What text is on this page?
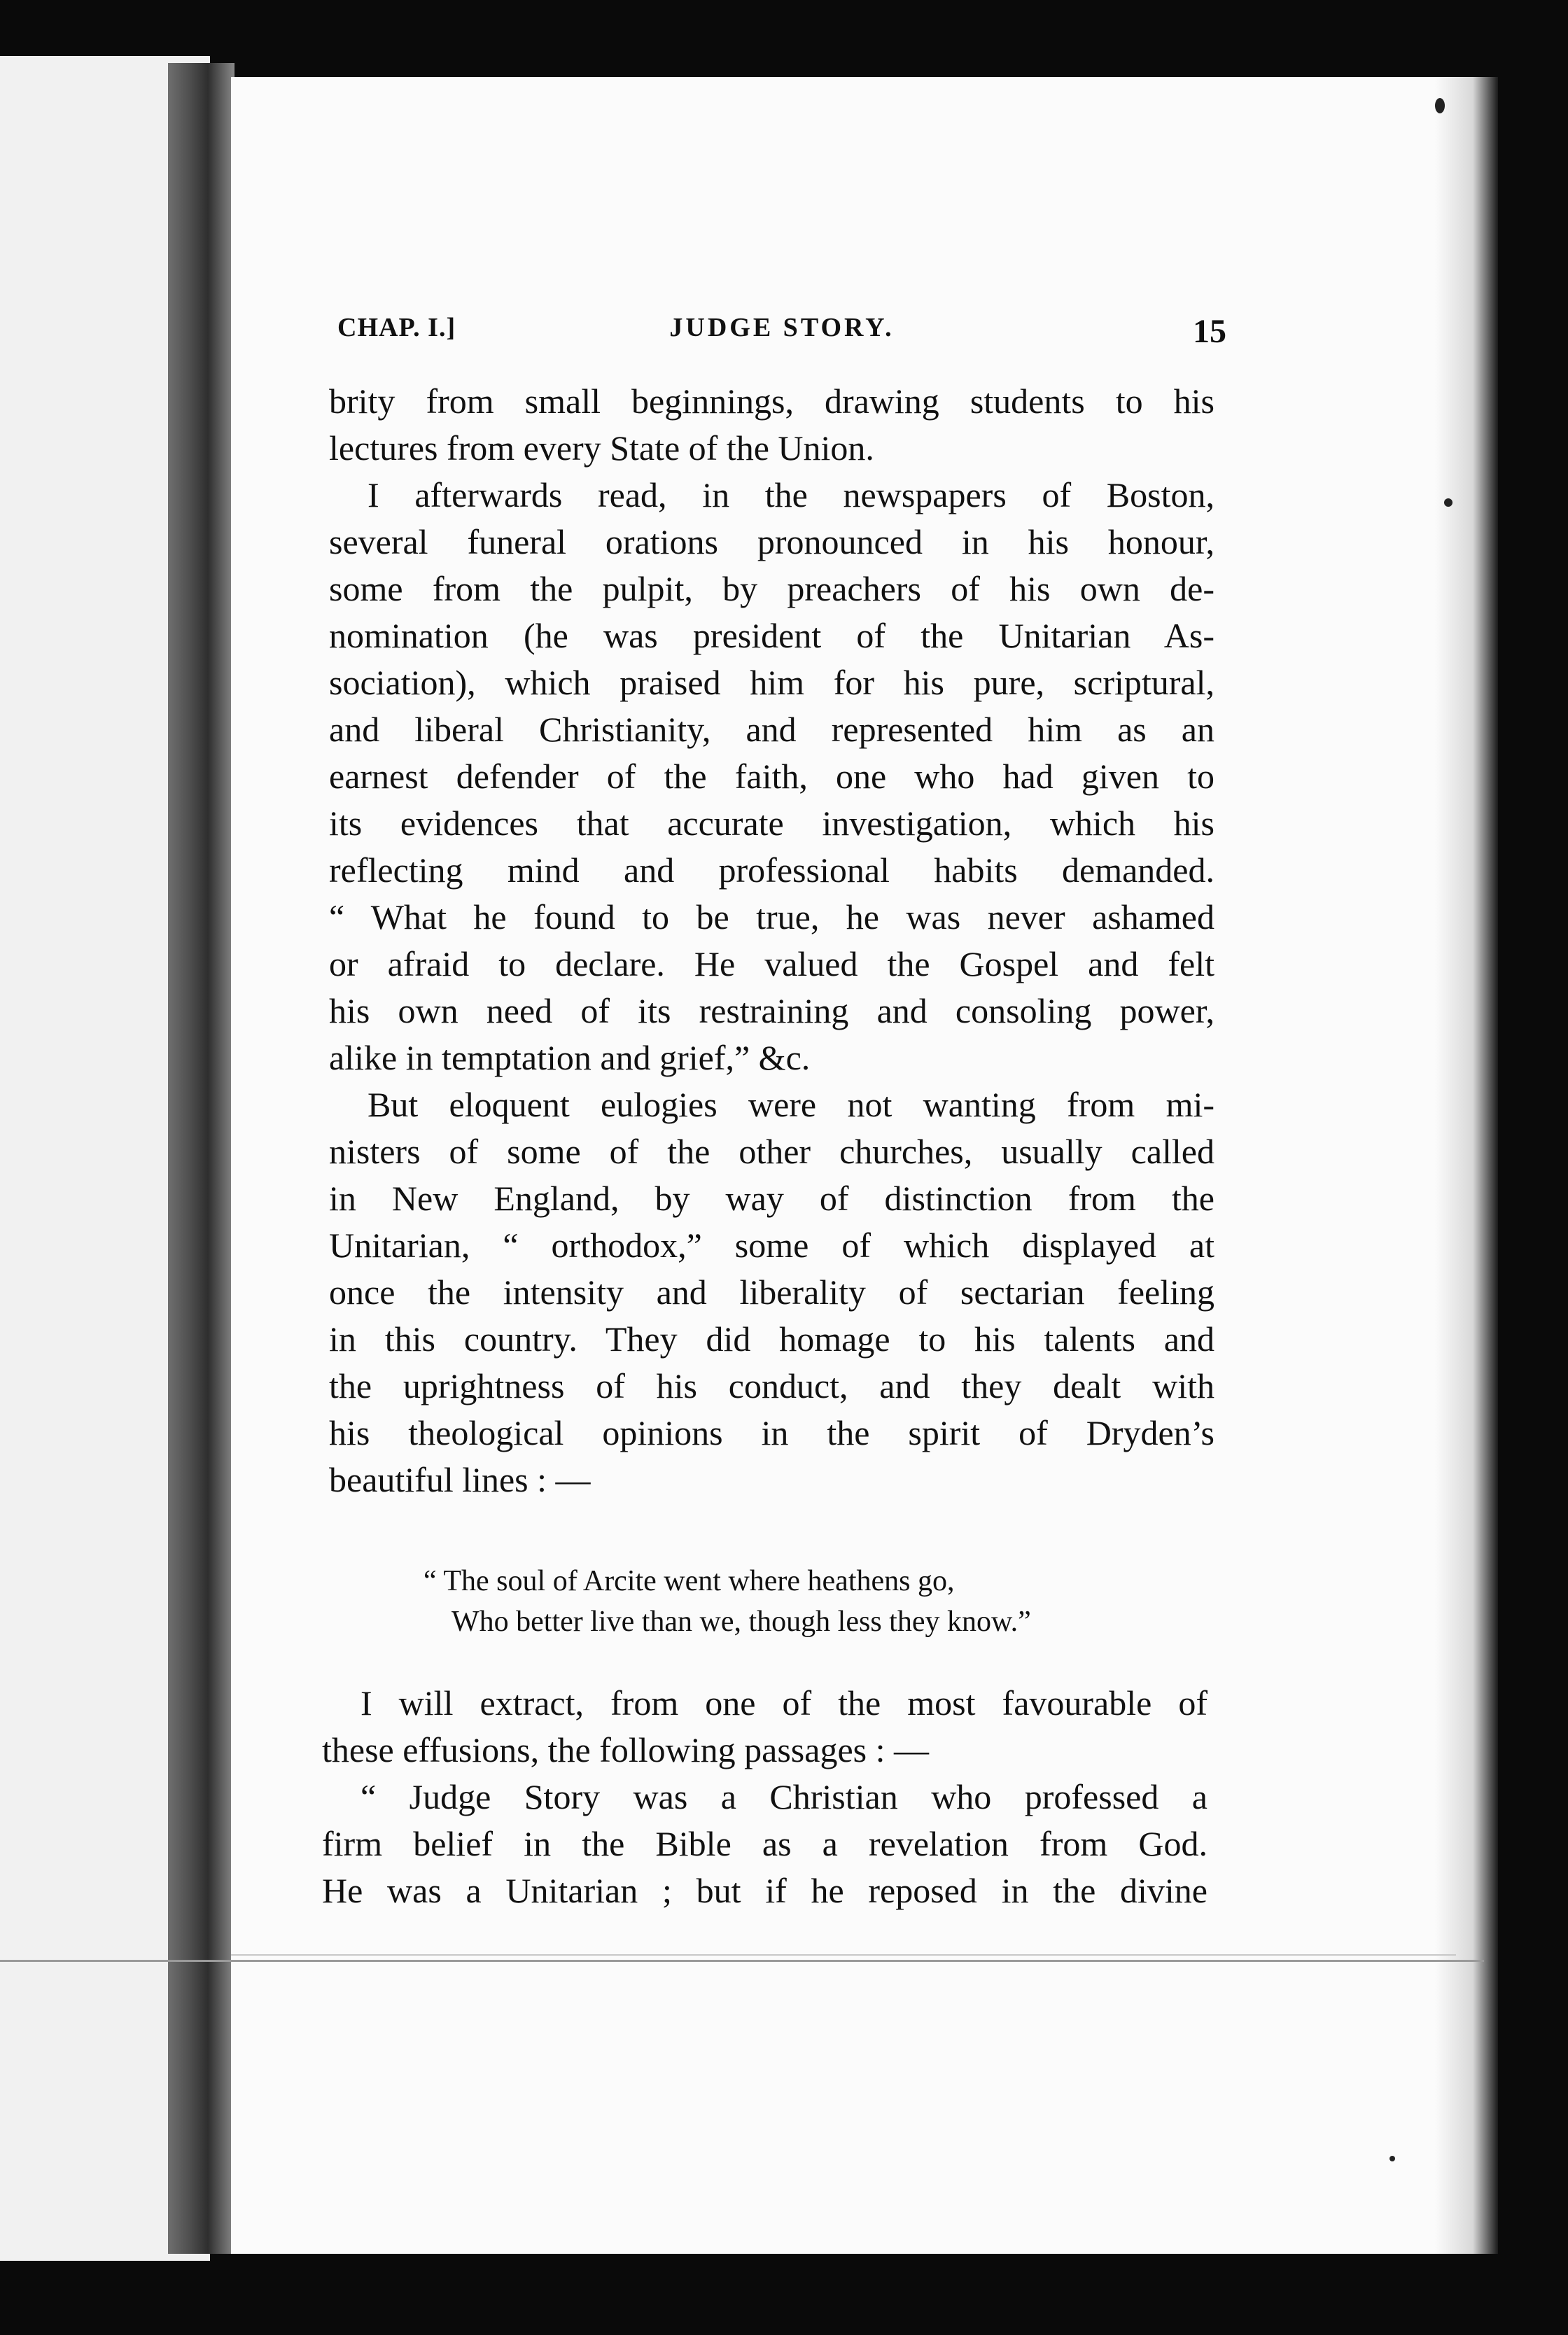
CHAP. I.]	JUDGE STORY.	15
brity from small beginnings, drawing students to his
lectures from every State of the Union.
I afterwards read, in the newspapers of Boston,
several funeral orations pronounced in his honour,
some from the pulpit, by preachers of his own de-
nomination (he was president of the Unitarian As-
sociation), which praised him for his pure, scriptural,
and liberal Christianity, and represented him as an
earnest defender of the faith, one who had given to
its evidences that accurate investigation, which his
reflecting mind and professional habits demanded.
“ What he found to be true, he was never ashamed
or afraid to declare. He valued the Gospel and felt
his own need of its restraining and consoling power,
alike in temptation and grief,” &c.
But eloquent eulogies were not wanting from mi-
nisters of some of the other churches, usually called
in New England, by way of distinction from the
Unitarian, “ orthodox,” some of which displayed at
once the intensity and liberality of sectarian feeling
in this country. They did homage to his talents and
the uprightness of his conduct, and they dealt with
his theological opinions in the spirit of Dryden’s
beautiful lines : —
“ The soul of Arcite went where heathens go,
Who better live than we, though less they know.”
I will extract, from one of the most favourable of
these effusions, the following passages : —
“ Judge Story was a Christian who professed a
firm belief in the Bible as a revelation from God.
He was a Unitarian ; but if he reposed in the divine
